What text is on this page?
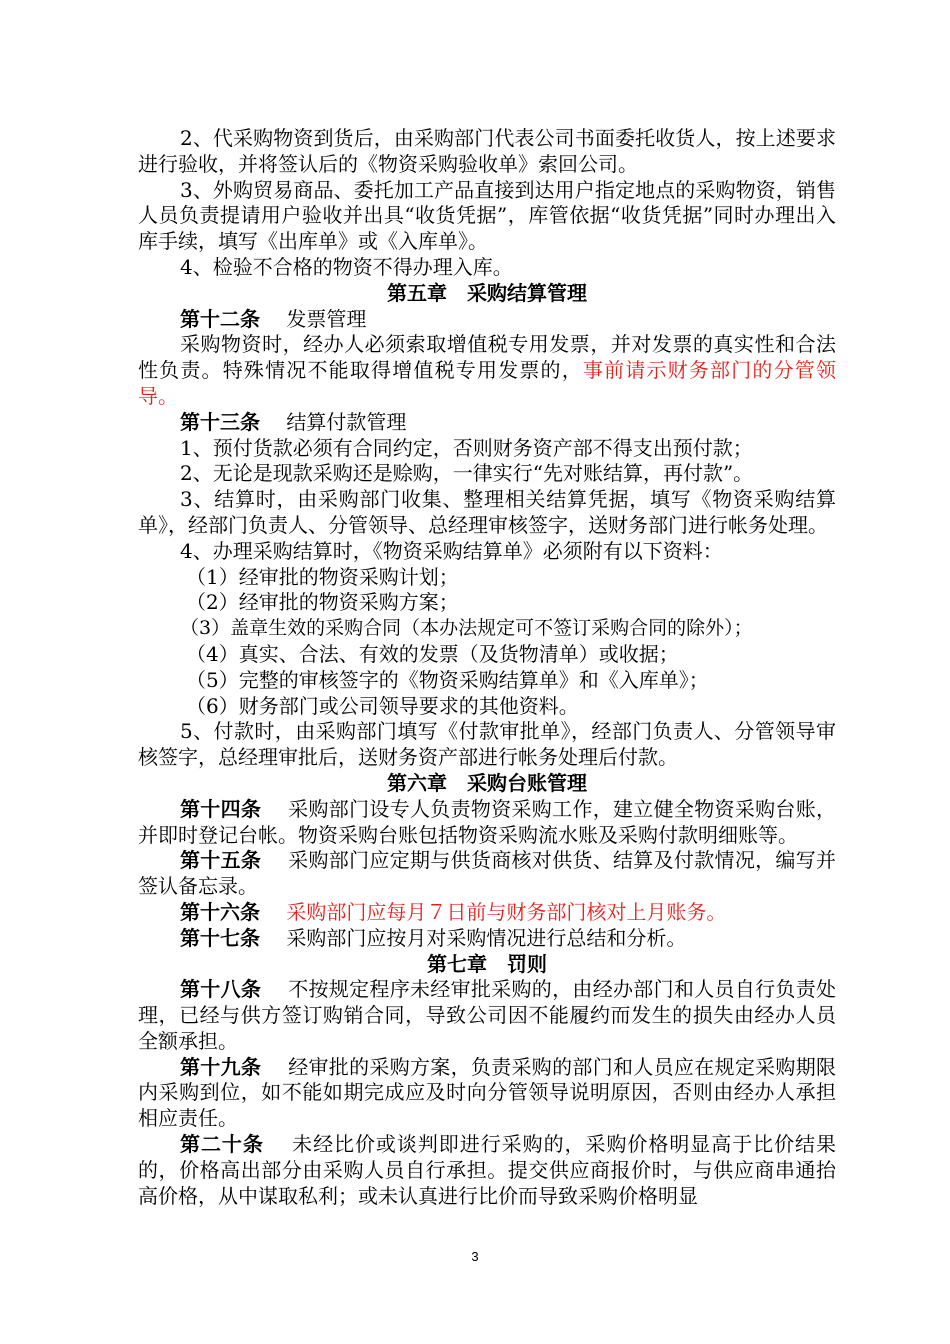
2、代采购物资到货后，由采购部门代表公司书面委托收货人，按上述要求进行验收，并将签认后的《物资采购验收单》索回公司。

3、外购贸易商品、委托加工产品直接到达用户指定地点的采购物资，销售人员负责提请用户验收并出具“收货凭据”，库管依据“收货凭据”同时办理出入库手续，填写《出库单》或《入库单》。

4、检验不合格的物资不得办理入库。

第五章　采购结算管理

第十二条　 发票管理

采购物资时，经办人必须索取增值税专用发票，并对发票的真实性和合法性负责。特殊情况不能取得增值税专用发票的，事前请示财务部门的分管领导。

第十三条　 结算付款管理

1、预付货款必须有合同约定，否则财务资产部不得支出预付款；

2、无论是现款采购还是赊购，一律实行“先对账结算，再付款”。

3、结算时，由采购部门收集、整理相关结算凭据，填写《物资采购结算单》，经部门负责人、分管领导、总经理审核签字，送财务部门进行帐务处理。

4、办理采购结算时，《物资采购结算单》必须附有以下资料：

（1）经审批的物资采购计划；

（2）经审批的物资采购方案；

（3）盖章生效的采购合同（本办法规定可不签订采购合同的除外）；

（4）真实、合法、有效的发票（及货物清单）或收据；

（5）完整的审核签字的《物资采购结算单》和《入库单》；

（6）财务部门或公司领导要求的其他资料。

5、付款时，由采购部门填写《付款审批单》，经部门负责人、分管领导审核签字，总经理审批后，送财务资产部进行帐务处理后付款。

第六章　采购台账管理

第十四条　 采购部门设专人负责物资采购工作，建立健全物资采购台账，并即时登记台帐。物资采购台账包括物资采购流水账及采购付款明细账等。

第十五条　 采购部门应定期与供货商核对供货、结算及付款情况，编写并签认备忘录。

第十六条　 采购部门应每月７日前与财务部门核对上月账务。

第十七条　 采购部门应按月对采购情况进行总结和分析。

第七章　罚则

第十八条　 不按规定程序未经审批采购的，由经办部门和人员自行负责处理，已经与供方签订购销合同，导致公司因不能履约而发生的损失由经办人员全额承担。

第十九条　 经审批的采购方案，负责采购的部门和人员应在规定采购期限内采购到位，如不能如期完成应及时向分管领导说明原因，否则由经办人承担相应责任。

第二十条　 未经比价或谈判即进行采购的，采购价格明显高于比价结果的，价格高出部分由采购人员自行承担。提交供应商报价时，与供应商串通抬高价格，从中谋取私利；或未认真进行比价而导致采购价格明显

3
